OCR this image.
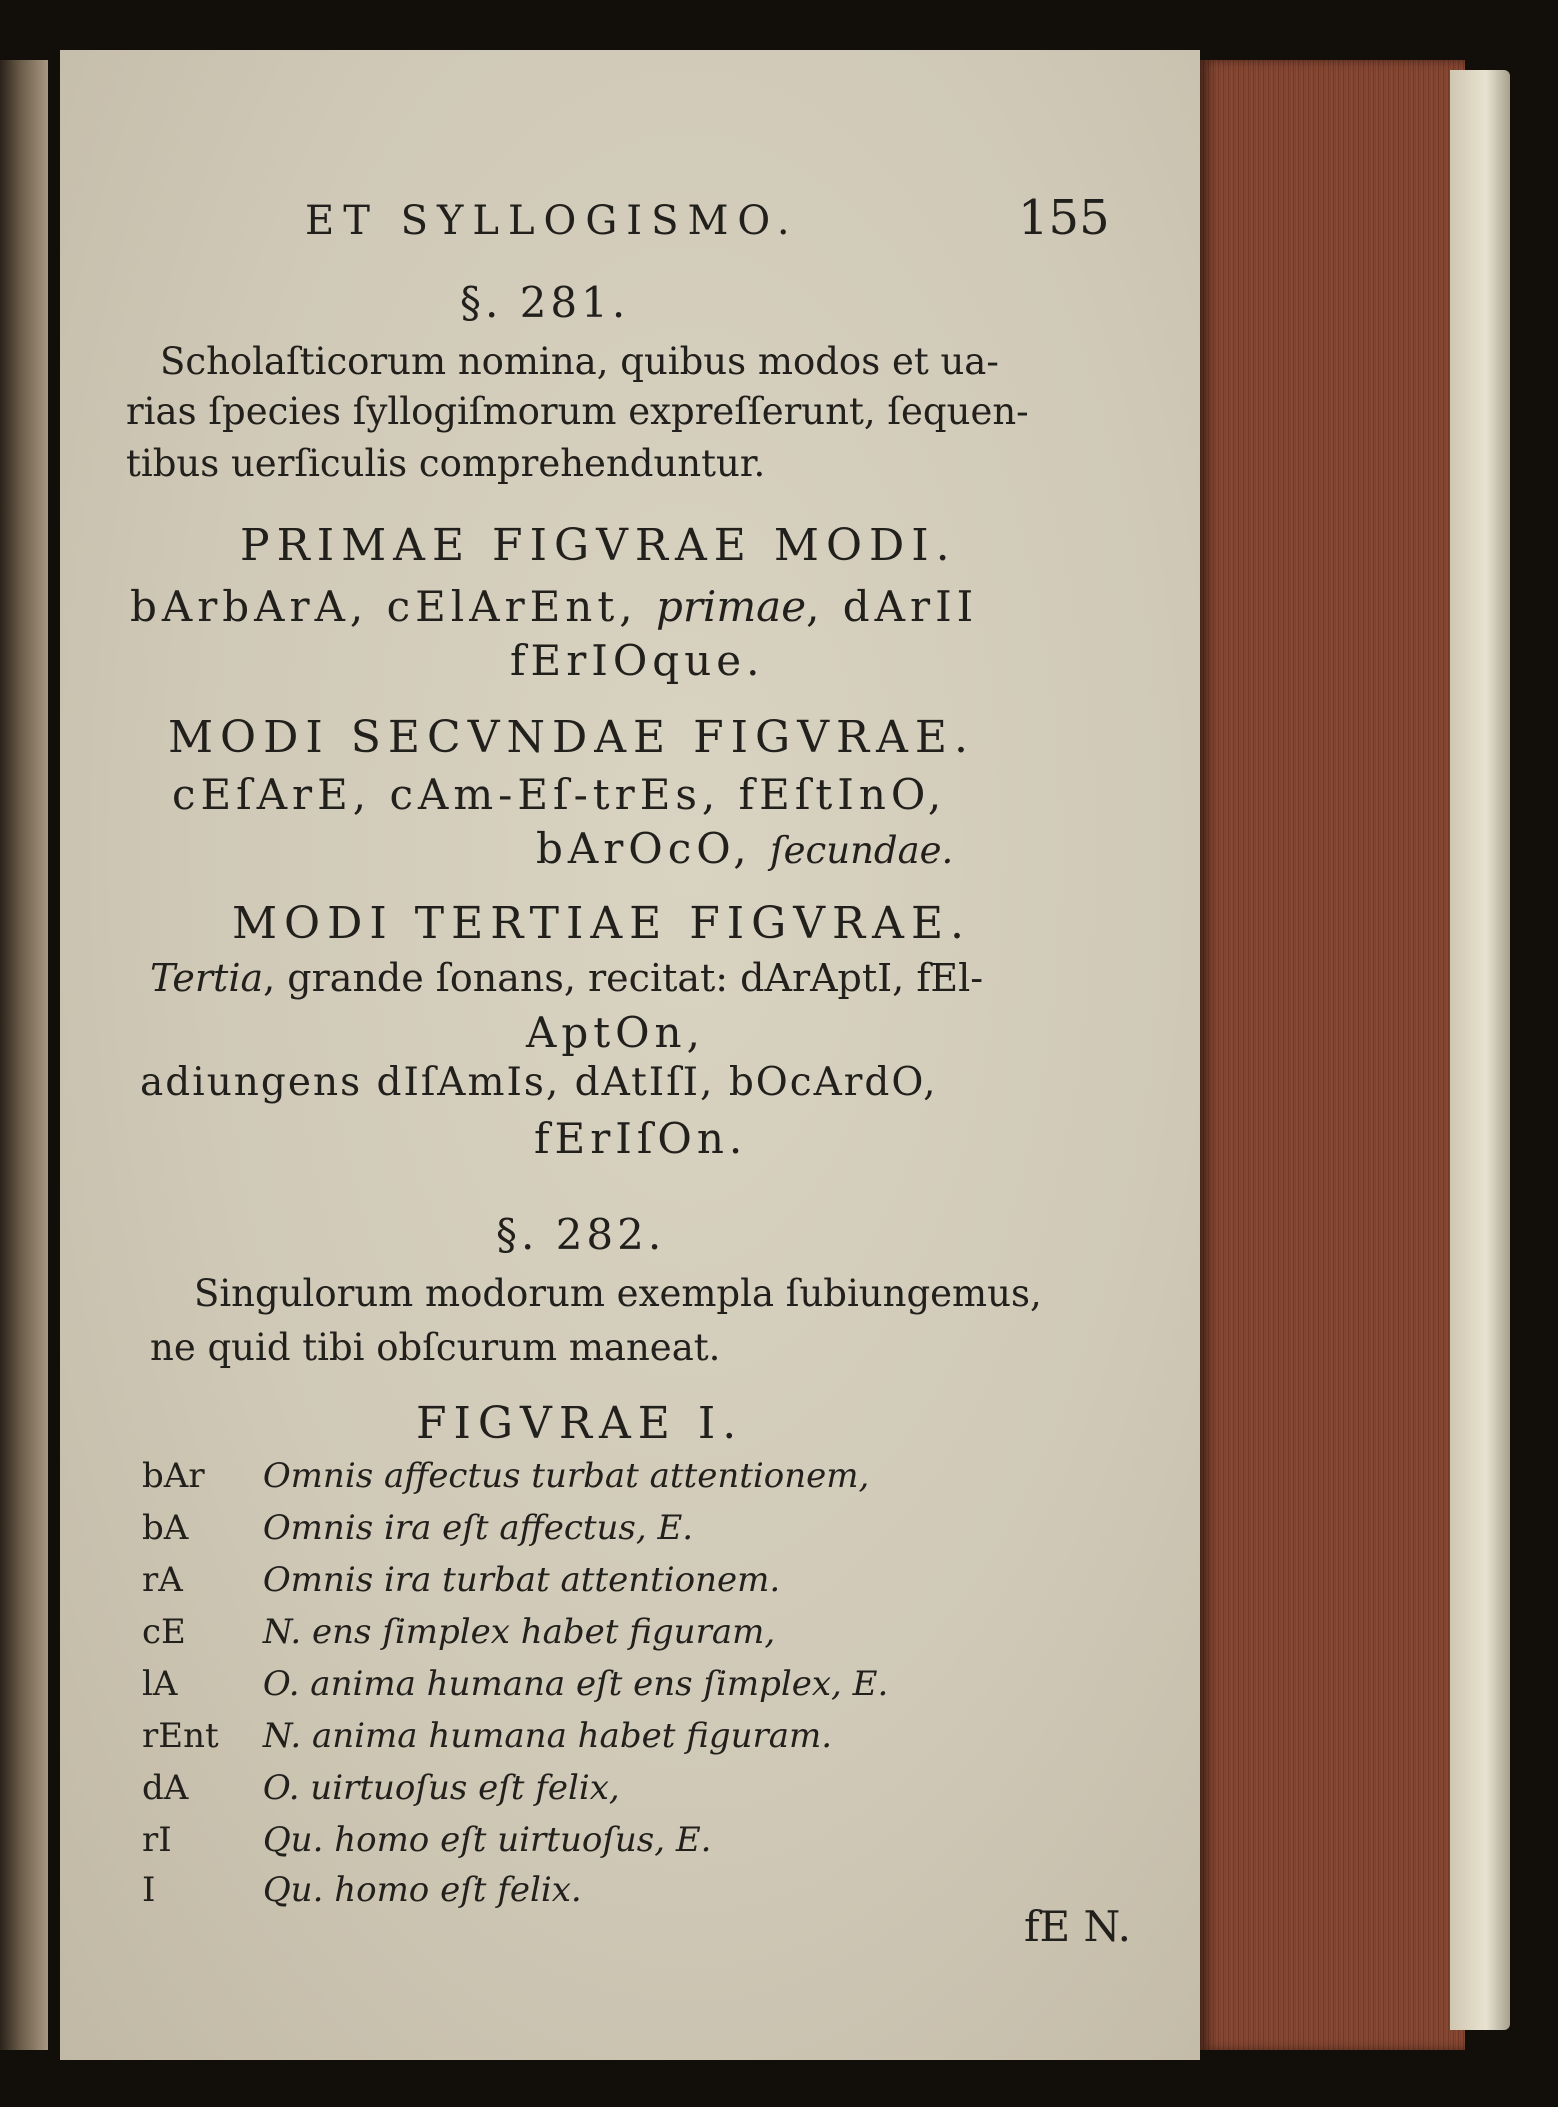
ET SYLLOGISMO.	155
§. 281.
Scholaſticorum nomina, quibus modos et ua-
rias ſpecies ſyllogiſmorum expreſſerunt, ſequen-
tibus uerſiculis comprehenduntur.
PRIMAE FIGVRAE MODI.
bArbArA, cElArEnt, primae, dArII
fErIOque.
MODI SECVNDAE FIGVRAE.
cEſArE, cAm-Eſ-trEs, fEſtInO,
bArOcO, ſecundae.
MODI TERTIAE FIGVRAE.
Tertia, grande ſonans, recitat: dArAptI, fEl-
AptOn,
adiungens dIſAmIs, dAtIſI, bOcArdO,
fErIſOn.
§. 282.
Singulorum modorum exempla ſubiungemus,
ne quid tibi obſcurum maneat.
FIGVRAE I.
bAr Omnis affectus turbat attentionem,
bA Omnis ira eſt affectus, E.
rA Omnis ira turbat attentionem.
cE N. ens ſimplex habet figuram,
lA	O. anima humana eſt ens ſimplex, E.
rEnt N. anima humana habet figuram.
dA O. uirtuoſus eſt felix,
rI	Qu. homo eſt uirtuoſus, E.
I	Qu. homo eſt felix.
fE N.
